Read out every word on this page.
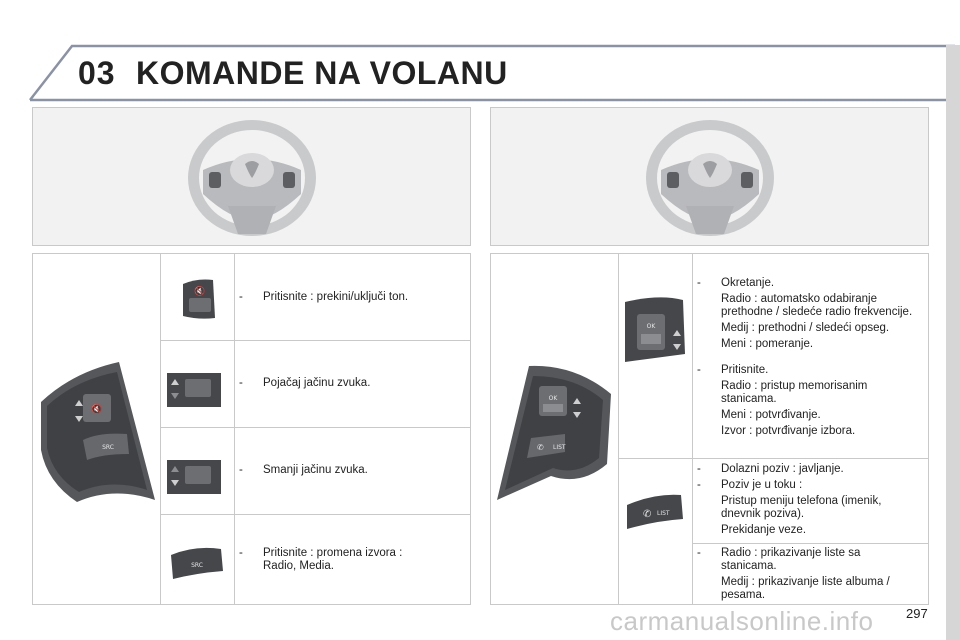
03 KOMANDE NA VOLANU
🔇
SRC
🔇
SRC
-	Pritisnite : prekini/uključi ton.
-	Pojačaj jačinu zvuka.
-	Smanji jačinu zvuka.
-	Pritisnite : promena izvora :
Radio, Media.
OK
✆ LIST
OK
✆ LIST
-	Okretanje.
Radio : automatsko odabiranje prethodne / sledeće radio frekvencije.
Medij : prethodni / sledeći opseg.
Meni : pomeranje.
-	Pritisnite.
Radio : pristup memorisanim stanicama.
Meni : potvrđivanje.
Izvor : potvrđivanje izbora.
-	Dolazni poziv : javljanje.
-	Poziv je u toku :
Pristup meniju telefona (imenik, dnevnik poziva).
Prekidanje veze.
-	Radio : prikazivanje liste sa stanicama.
Medij : prikazivanje liste albuma / pesama.
carmanualsonline.info	297
